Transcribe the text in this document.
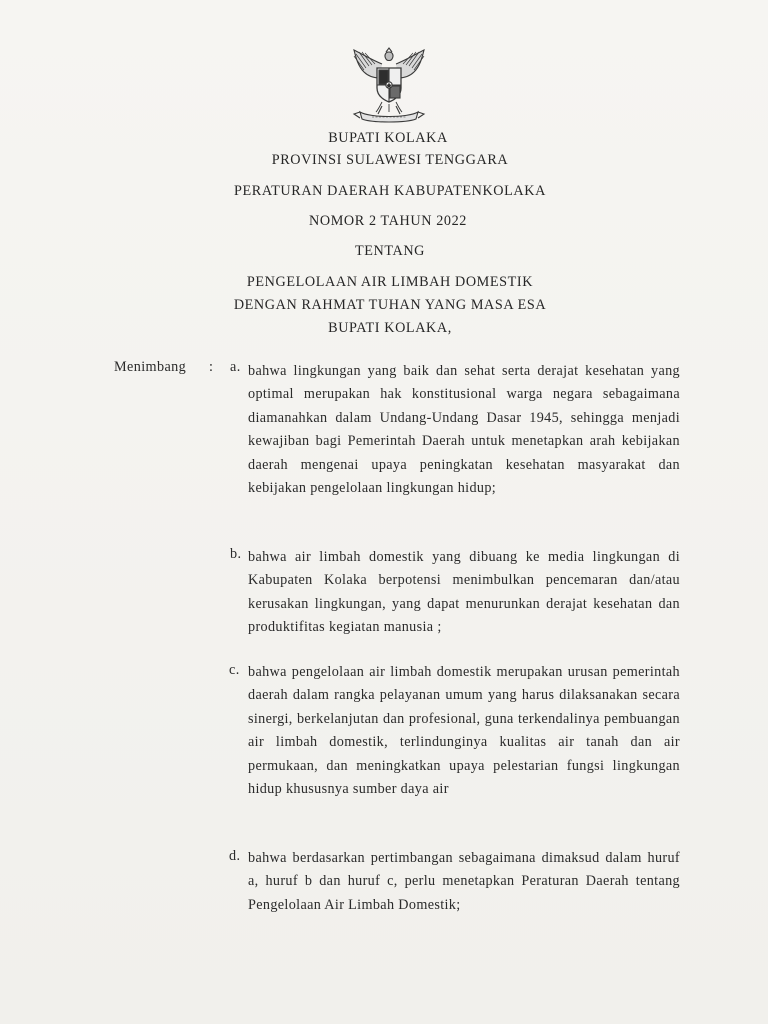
BUPATI KOLAKA
PROVINSI SULAWESI TENGGARA
PERATURAN DAERAH KABUPATENKOLAKA
NOMOR 2 TAHUN 2022
TENTANG
PENGELOLAAN AIR LIMBAH DOMESTIK
DENGAN RAHMAT TUHAN YANG MASA ESA
BUPATI KOLAKA,
Menimbang : a. bahwa lingkungan yang baik dan sehat serta derajat kesehatan yang optimal merupakan hak konstitusional warga negara sebagaimana diamanahkan dalam Undang-Undang Dasar 1945, sehingga menjadi kewajiban bagi Pemerintah Daerah untuk menetapkan arah kebijakan daerah mengenai upaya peningkatan kesehatan masyarakat dan kebijakan pengelolaan lingkungan hidup;
b. bahwa air limbah domestik yang dibuang ke media lingkungan di Kabupaten Kolaka berpotensi menimbulkan pencemaran dan/atau kerusakan lingkungan, yang dapat menurunkan derajat kesehatan dan produktifitas kegiatan manusia ;
c. bahwa pengelolaan air limbah domestik merupakan urusan pemerintah daerah dalam rangka pelayanan umum yang harus dilaksanakan secara sinergi, berkelanjutan dan profesional, guna terkendalinya pembuangan air limbah domestik, terlindunginya kualitas air tanah dan air permukaan, dan meningkatkan upaya pelestarian fungsi lingkungan hidup khususnya sumber daya air
d. bahwa berdasarkan pertimbangan sebagaimana dimaksud dalam huruf a, huruf b dan huruf c, perlu menetapkan Peraturan Daerah tentang Pengelolaan Air Limbah Domestik;
